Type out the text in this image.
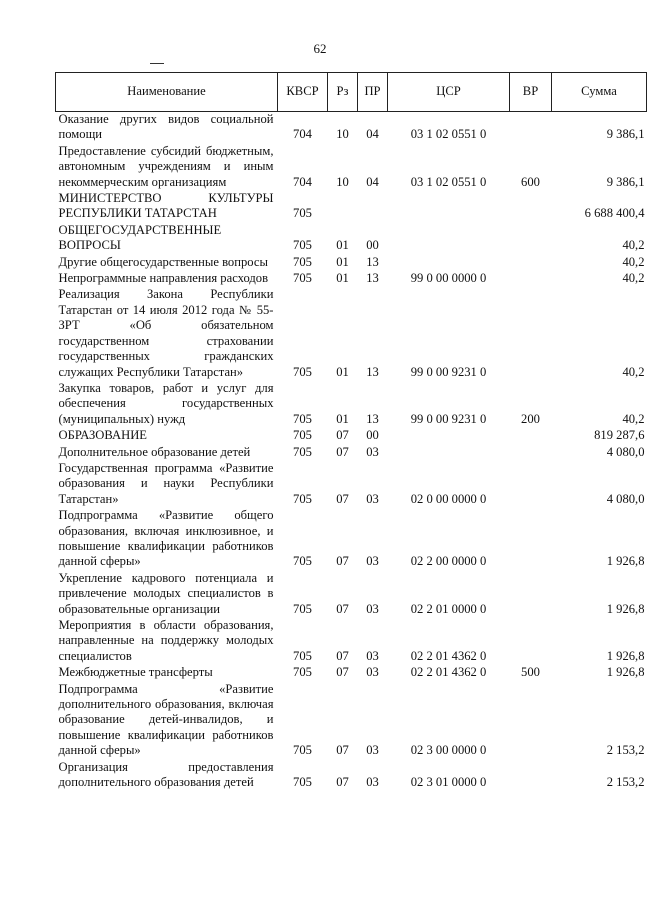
62
Наименование	КВСР	Рз	ПР	ЦСР	ВР	Сумма
Оказание других видов социальной помощи	704	10	04	03 1 02 0551 0		9 386,1
Предоставление субсидий бюджетным, автономным учреждениям и иным некоммерческим организациям	704	10	04	03 1 02 0551 0	600	9 386,1
МИНИСТЕРСТВО КУЛЬТУРЫ РЕСПУБЛИКИ ТАТАРСТАН	705					6 688 400,4
ОБЩЕГОСУДАРСТВЕННЫЕ ВОПРОСЫ	705	01	00			40,2
Другие общегосударственные вопросы	705	01	13			40,2
Непрограммные направления расходов	705	01	13	99 0 00 0000 0		40,2
Реализация Закона Республики Татарстан от 14 июля 2012 года № 55-ЗРТ «Об обязательном государственном страховании государственных гражданских служащих Республики Татарстан»	705	01	13	99 0 00 9231 0		40,2
Закупка товаров, работ и услуг для обеспечения государственных (муниципальных) нужд	705	01	13	99 0 00 9231 0	200	40,2
ОБРАЗОВАНИЕ	705	07	00			819 287,6
Дополнительное образование детей	705	07	03			4 080,0
Государственная программа «Развитие образования и науки Республики Татарстан»	705	07	03	02 0 00 0000 0		4 080,0
Подпрограмма «Развитие общего образования, включая инклюзивное, и повышение квалификации работников данной сферы»	705	07	03	02 2 00 0000 0		1 926,8
Укрепление кадрового потенциала и привлечение молодых специалистов в образовательные организации	705	07	03	02 2 01 0000 0		1 926,8
Мероприятия в области образования, направленные на поддержку молодых специалистов	705	07	03	02 2 01 4362 0		1 926,8
Межбюджетные трансферты	705	07	03	02 2 01 4362 0	500	1 926,8
Подпрограмма «Развитие дополнительного образования, включая образование детей-инвалидов, и повышение квалификации работников данной сферы»	705	07	03	02 3 00 0000 0		2 153,2
Организация предоставления дополнительного образования детей	705	07	03	02 3 01 0000 0		2 153,2
